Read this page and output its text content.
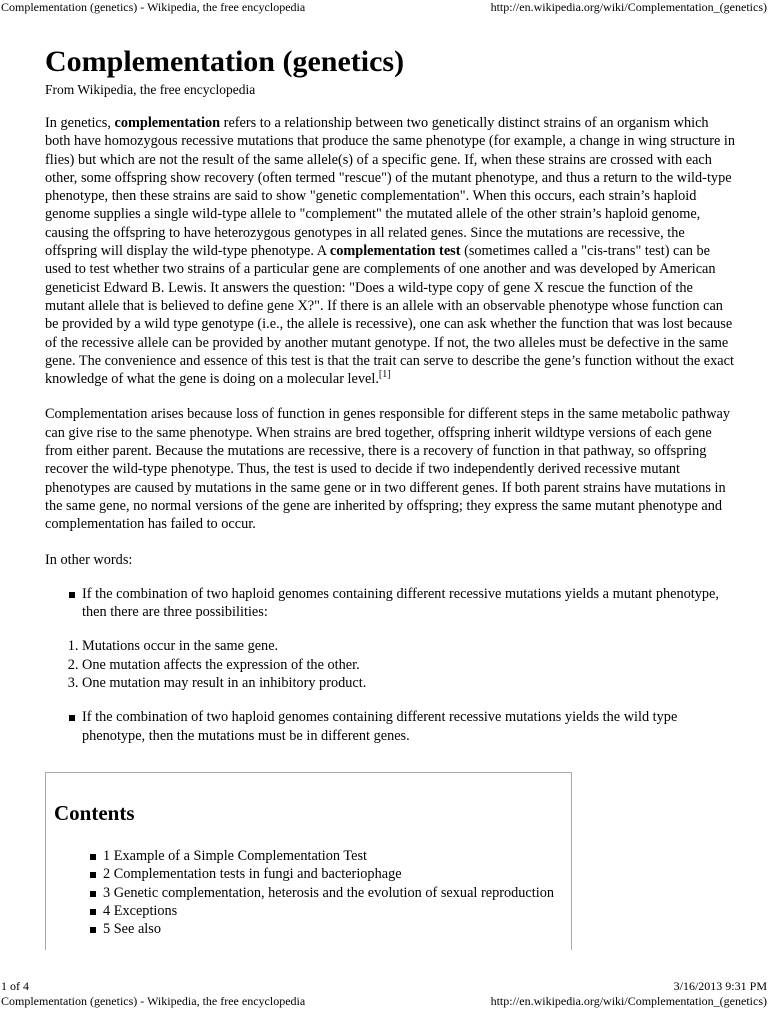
Complementation (genetics) - Wikipedia, the free encyclopedia	http://en.wikipedia.org/wiki/Complementation_(genetics)
Complementation (genetics)

From Wikipedia, the free encyclopedia

In genetics, complementation refers to a relationship between two genetically distinct strains of an organism which both have homozygous recessive mutations that produce the same phenotype (for example, a change in wing structure in flies) but which are not the result of the same allele(s) of a specific gene. If, when these strains are crossed with each other, some offspring show recovery (often termed "rescue") of the mutant phenotype, and thus a return to the wild-type phenotype, then these strains are said to show "genetic complementation". When this occurs, each strain’s haploid genome supplies a single wild-type allele to "complement" the mutated allele of the other strain’s haploid genome, causing the offspring to have heterozygous genotypes in all related genes. Since the mutations are recessive, the offspring will display the wild-type phenotype. A complementation test (sometimes called a "cis-trans" test) can be used to test whether two strains of a particular gene are complements of one another and was developed by American geneticist Edward B. Lewis. It answers the question: "Does a wild-type copy of gene X rescue the function of the mutant allele that is believed to define gene X?". If there is an allele with an observable phenotype whose function can be provided by a wild type genotype (i.e., the allele is recessive), one can ask whether the function that was lost because of the recessive allele can be provided by another mutant genotype. If not, the two alleles must be defective in the same gene. The convenience and essence of this test is that the trait can serve to describe the gene’s function without the exact knowledge of what the gene is doing on a molecular level.[1]

Complementation arises because loss of function in genes responsible for different steps in the same metabolic pathway can give rise to the same phenotype. When strains are bred together, offspring inherit wildtype versions of each gene from either parent. Because the mutations are recessive, there is a recovery of function in that pathway, so offspring recover the wild-type phenotype. Thus, the test is used to decide if two independently derived recessive mutant phenotypes are caused by mutations in the same gene or in two different genes. If both parent strains have mutations in the same gene, no normal versions of the gene are inherited by offspring; they express the same mutant phenotype and complementation has failed to occur.

In other words:

If the combination of two haploid genomes containing different recessive mutations yields a mutant phenotype, then there are three possibilities:
1. Mutations occur in the same gene.
2. One mutation affects the expression of the other.
3. One mutation may result in an inhibitory product.
If the combination of two haploid genomes containing different recessive mutations yields the wild type phenotype, then the mutations must be in different genes.
Contents
1 Example of a Simple Complementation Test
2 Complementation tests in fungi and bacteriophage
3 Genetic complementation, heterosis and the evolution of sexual reproduction
4 Exceptions
5 See also
1 of 4	3/16/2013 9:31 PM
Complementation (genetics) - Wikipedia, the free encyclopedia	http://en.wikipedia.org/wiki/Complementation_(genetics)
